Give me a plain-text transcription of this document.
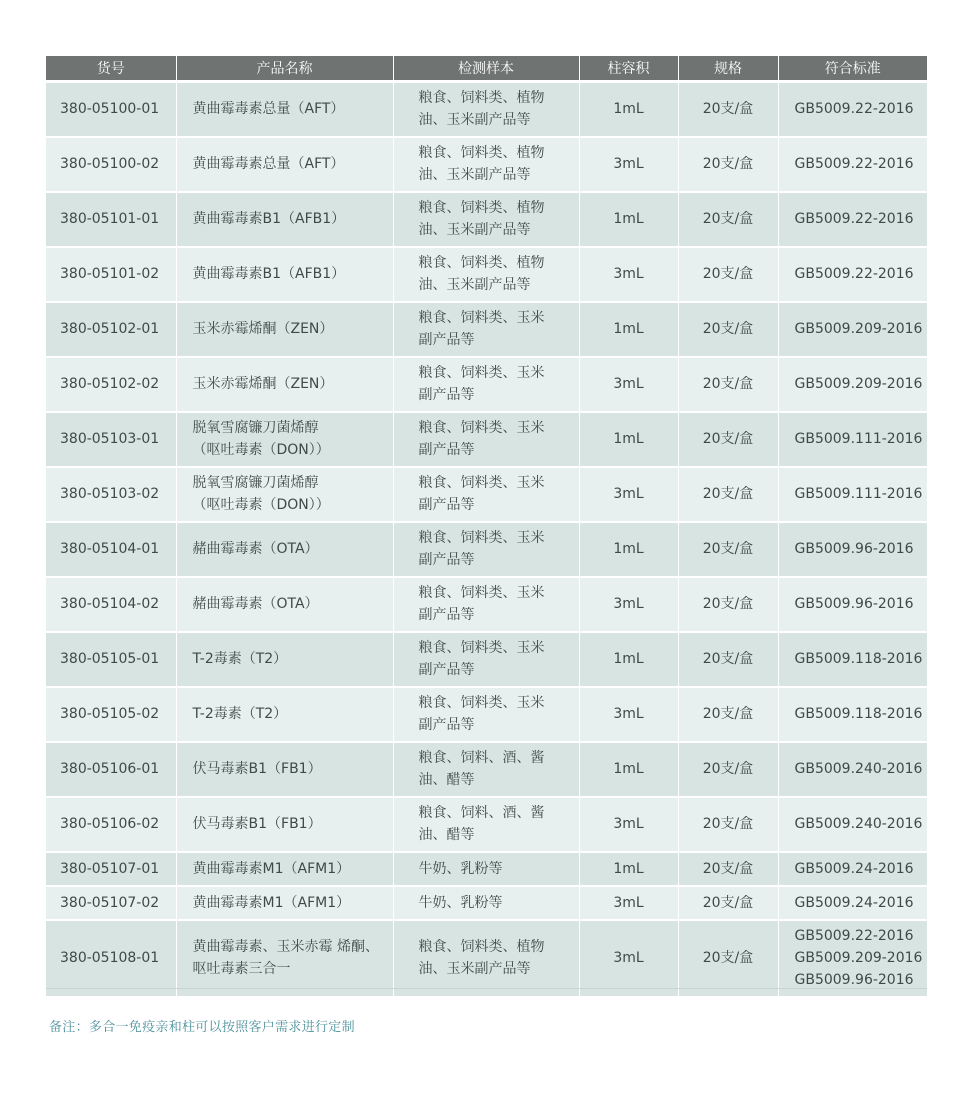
货号	产品名称	检测样本	柱容积	规格	符合标准

380-05100-01	黄曲霉毒素总量（AFT）	粮食、饲料类、植物
油、玉米副产品等	1mL	20支/盒	GB5009.22-2016

380-05100-02	黄曲霉毒素总量（AFT）	粮食、饲料类、植物
油、玉米副产品等	3mL	20支/盒	GB5009.22-2016

380-05101-01	黄曲霉毒素B1（AFB1）	粮食、饲料类、植物
油、玉米副产品等	1mL	20支/盒	GB5009.22-2016

380-05101-02	黄曲霉毒素B1（AFB1）	粮食、饲料类、植物
油、玉米副产品等	3mL	20支/盒	GB5009.22-2016

380-05102-01	玉米赤霉烯酮（ZEN）	粮食、饲料类、玉米
副产品等	1mL	20支/盒	GB5009.209-2016

380-05102-02	玉米赤霉烯酮（ZEN）	粮食、饲料类、玉米
副产品等	3mL	20支/盒	GB5009.209-2016

380-05103-01	脱氧雪腐镰刀菌烯醇
（呕吐毒素（DON））	粮食、饲料类、玉米
副产品等	1mL	20支/盒	GB5009.111-2016

380-05103-02	脱氧雪腐镰刀菌烯醇
（呕吐毒素（DON））	粮食、饲料类、玉米
副产品等	3mL	20支/盒	GB5009.111-2016

380-05104-01	赭曲霉毒素（OTA）	粮食、饲料类、玉米
副产品等	1mL	20支/盒	GB5009.96-2016

380-05104-02	赭曲霉毒素（OTA）	粮食、饲料类、玉米
副产品等	3mL	20支/盒	GB5009.96-2016

380-05105-01	T-2毒素（T2）	粮食、饲料类、玉米
副产品等	1mL	20支/盒	GB5009.118-2016

380-05105-02	T-2毒素（T2）	粮食、饲料类、玉米
副产品等	3mL	20支/盒	GB5009.118-2016

380-05106-01	伏马毒素B1（FB1）	粮食、饲料、酒、酱
油、醋等	1mL	20支/盒	GB5009.240-2016

380-05106-02	伏马毒素B1（FB1）	粮食、饲料、酒、酱
油、醋等	3mL	20支/盒	GB5009.240-2016

380-05107-01	黄曲霉毒素M1（AFM1）	牛奶、乳粉等	1mL	20支/盒	GB5009.24-2016

380-05107-02	黄曲霉毒素M1（AFM1）	牛奶、乳粉等	3mL	20支/盒	GB5009.24-2016

380-05108-01	黄曲霉毒素、玉米赤霉 烯酮、
呕吐毒素三合一	粮食、饲料类、植物
油、玉米副产品等	3mL	20支/盒	GB5009.22-2016
GB5009.209-2016
GB5009.96-2016
备注：多合一免疫亲和柱可以按照客户需求进行定制
